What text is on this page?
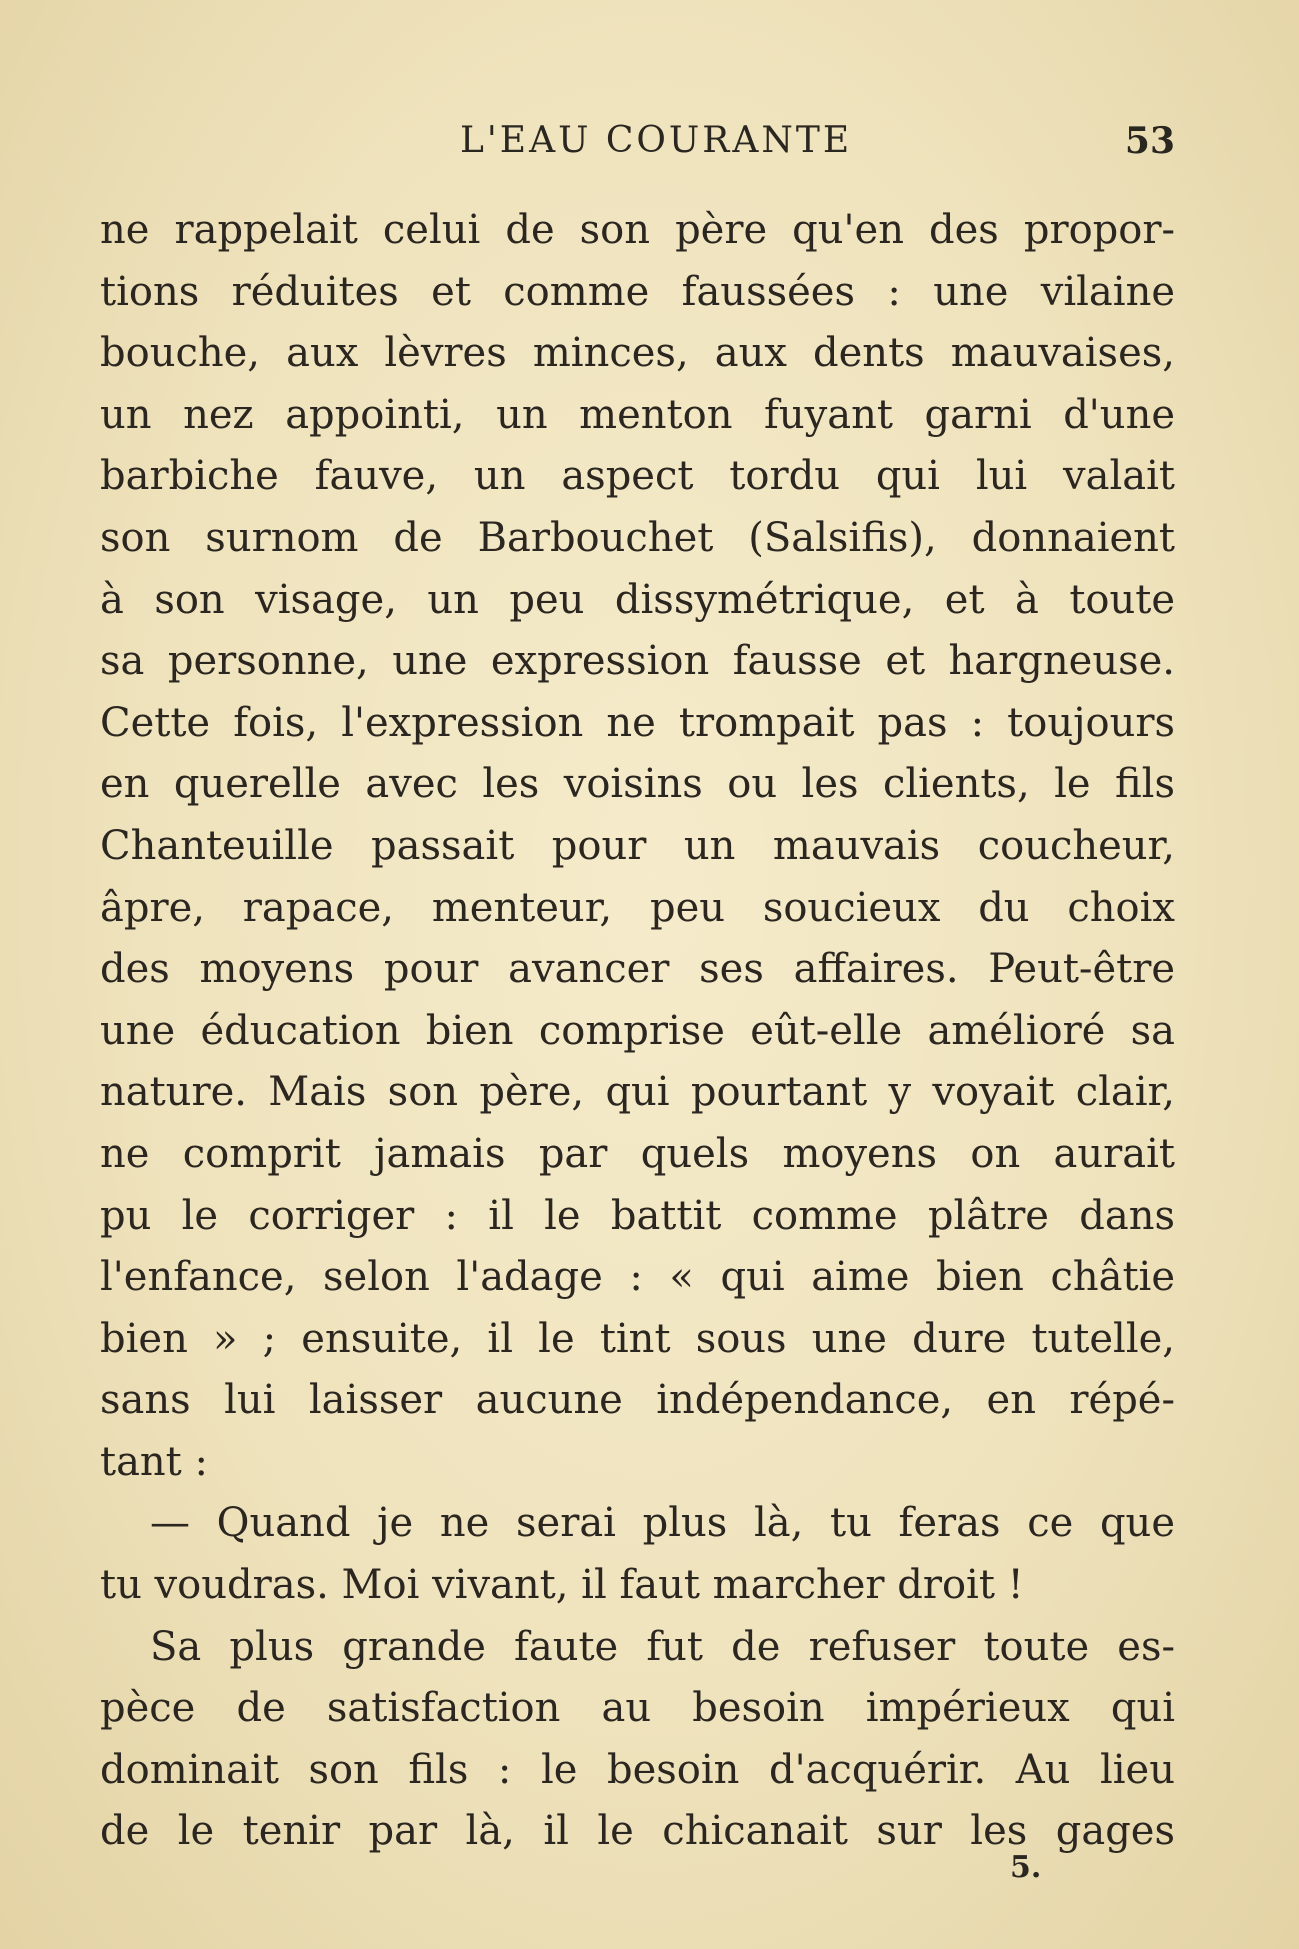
L'EAU COURANTE	53
ne rappelait celui de son père qu'en des propor-
tions réduites et comme faussées : une vilaine
bouche, aux lèvres minces, aux dents mauvaises,
un nez appointi, un menton fuyant garni d'une
barbiche fauve, un aspect tordu qui lui valait
son surnom de Barbouchet (Salsifis), donnaient
à son visage, un peu dissymétrique, et à toute
sa personne, une expression fausse et hargneuse.
Cette fois, l'expression ne trompait pas : toujours
en querelle avec les voisins ou les clients, le fils
Chanteuille passait pour un mauvais coucheur,
âpre, rapace, menteur, peu soucieux du choix
des moyens pour avancer ses affaires. Peut-être
une éducation bien comprise eût-elle amélioré sa
nature. Mais son père, qui pourtant y voyait clair,
ne comprit jamais par quels moyens on aurait
pu le corriger : il le battit comme plâtre dans
l'enfance, selon l'adage : « qui aime bien châtie
bien » ; ensuite, il le tint sous une dure tutelle,
sans lui laisser aucune indépendance, en répé-
tant :
— Quand je ne serai plus là, tu feras ce que
tu voudras. Moi vivant, il faut marcher droit !
Sa plus grande faute fut de refuser toute es-
pèce de satisfaction au besoin impérieux qui
dominait son fils : le besoin d'acquérir. Au lieu
de le tenir par là, il le chicanait sur les gages
5.
